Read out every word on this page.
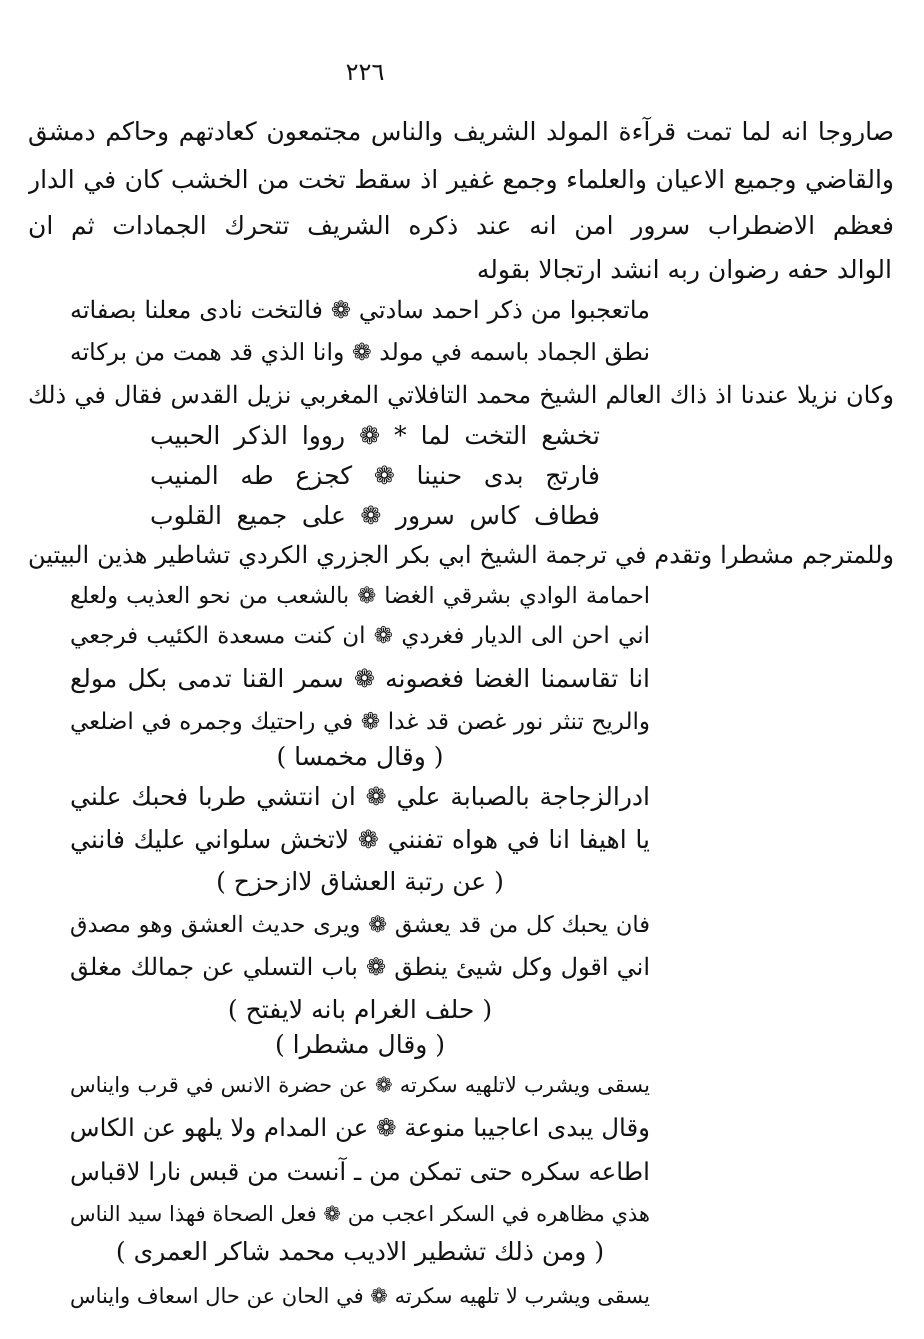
٢٢٦
صاروجا انه لما تمت قرآءة المولد الشريف والناس مجتمعون كعادتهم وحاكم دمشق
والقاضي وجميع الاعيان والعلماء وجمع غفير اذ سقط تخت من الخشب كان في الدار
فعظم الاضطراب سرور امن انه عند ذكره الشريف تتحرك الجمادات ثم ان
الوالد حفه رضوان ربه انشد ارتجالا بقوله
ماتعجبوا من ذكر احمد سادتي ❁ فالتخت نادى معلنا بصفاته
نطق الجماد باسمه في مولد ❁ وانا الذي قد همت من بركاته
وكان نزيلا عندنا اذ ذاك العالم الشيخ محمد التافلاتي المغربي نزيل القدس فقال في ذلك
تخشع التخت لما * ❁ رووا الذكر الحبيب
فارتج بدى حنينا ❁ كجزع طه المنيب
فطاف كاس سرور ❁ على جميع القلوب
وللمترجم مشطرا وتقدم في ترجمة الشيخ ابي بكر الجزري الكردي تشاطير هذين البيتين
احمامة الوادي بشرقي الغضا ❁ بالشعب من نحو العذيب ولعلع
اني احن الى الديار فغردي ❁ ان كنت مسعدة الكئيب فرجعي
انا تقاسمنا الغضا فغصونه ❁ سمر القنا تدمى بكل مولع
والريح تنثر نور غصن قد غدا ❁ في راحتيك وجمره في اضلعي
( وقال مخمسا )
ادرالزجاجة بالصبابة علي ❁ ان انتشي طربا فحبك علني
يا اهيفا انا في هواه تفنني ❁ لاتخش سلواني عليك فانني
( عن رتبة العشاق لاازحزح )
فان يحبك كل من قد يعشق ❁ ويرى حديث العشق وهو مصدق
اني اقول وكل شيئ ينطق ❁ باب التسلي عن جمالك مغلق
( حلف الغرام بانه لايفتح )
( وقال مشطرا )
يسقى ويشرب لاتلهيه سكرته ❁ عن حضرة الانس في قرب وايناس
وقال يبدى اعاجيبا منوعة ❁ عن المدام ولا يلهو عن الكاس
اطاعه سكره حتى تمكن من ـ آنست من قبس نارا لاقباس
هذي مظاهره في السكر اعجب من ❁ فعل الصحاة فهذا سيد الناس
( ومن ذلك تشطير الاديب محمد شاكر العمرى )
يسقى ويشرب لا تلهيه سكرته ❁ في الحان عن حال اسعاف وايناس
